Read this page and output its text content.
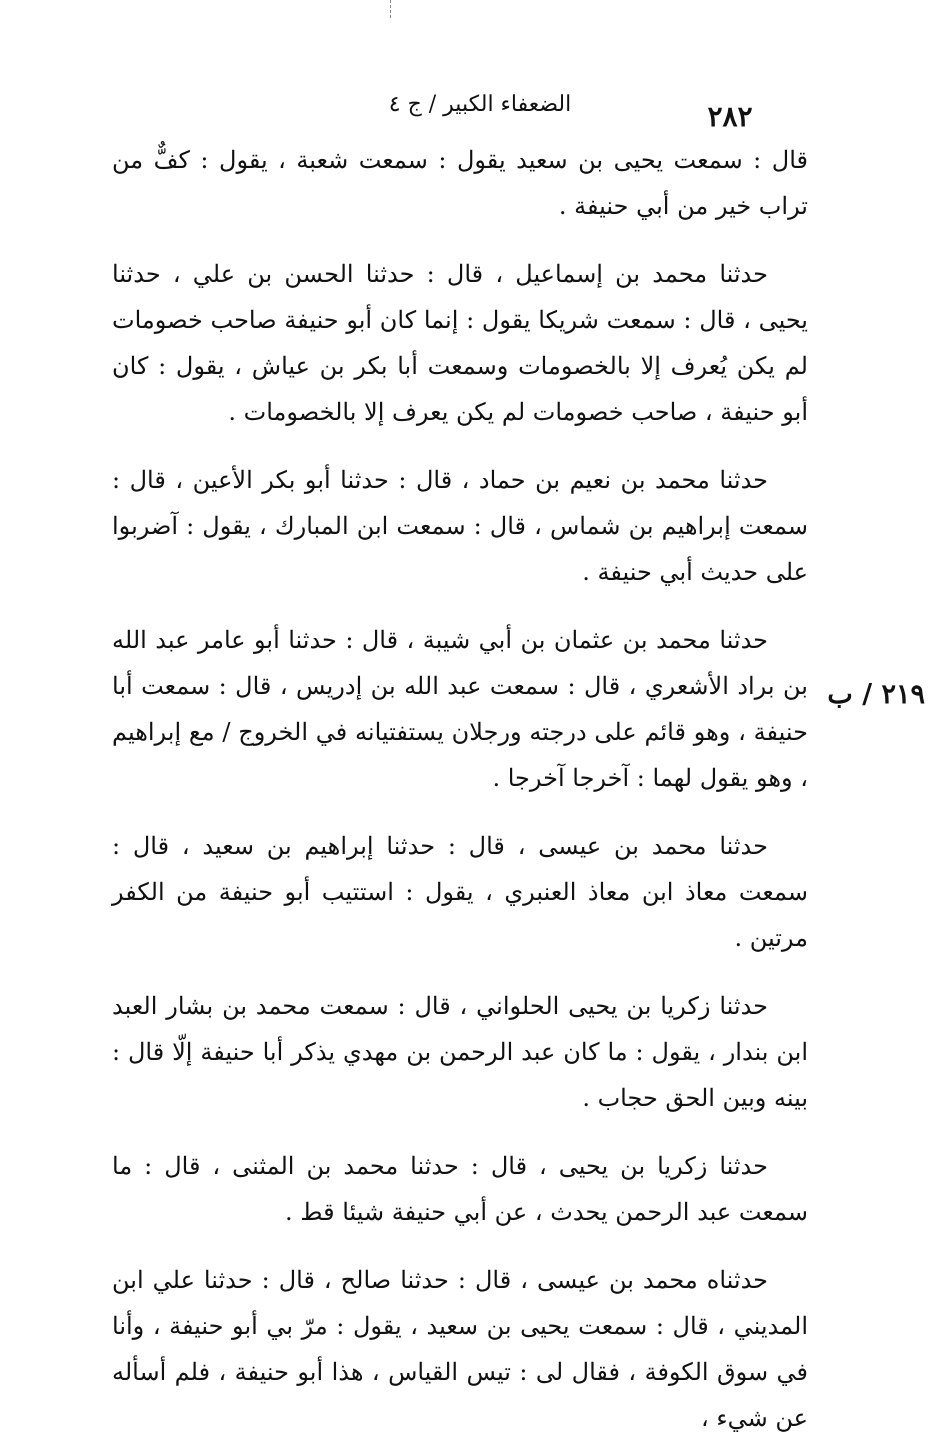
الضعفاء الكبير / ج ٤	٢٨٢
٢١٩ / ب

قال : سمعت يحيى بن سعيد يقول : سمعت شعبة ، يقول : كفٌّ من تراب خير من أبي حنيفة .

حدثنا محمد بن إسماعيل ، قال : حدثنا الحسن بن علي ، حدثنا يحيى ، قال : سمعت شريكا يقول : إنما كان أبو حنيفة صاحب خصومات لم يكن يُعرف إلا بالخصومات وسمعت أبا بكر بن عياش ، يقول : كان أبو حنيفة ، صاحب خصومات لم يكن يعرف إلا بالخصومات .

حدثنا محمد بن نعيم بن حماد ، قال : حدثنا أبو بكر الأعين ، قال : سمعت إبراهيم بن شماس ، قال : سمعت ابن المبارك ، يقول : آضربوا على حديث أبي حنيفة .

حدثنا محمد بن عثمان بن أبي شيبة ، قال : حدثنا أبو عامر عبد الله بن براد الأشعري ، قال : سمعت عبد الله بن إدريس ، قال : سمعت أبا حنيفة ، وهو قائم على درجته ورجلان يستفتيانه في الخروج / مع إبراهيم ، وهو يقول لهما : آخرجا آخرجا .

حدثنا محمد بن عيسى ، قال : حدثنا إبراهيم بن سعيد ، قال : سمعت معاذ ابن معاذ العنبري ، يقول : استتيب أبو حنيفة من الكفر مرتين .

حدثنا زكريا بن يحيى الحلواني ، قال : سمعت محمد بن بشار العبد ابن بندار ، يقول : ما كان عبد الرحمن بن مهدي يذكر أبا حنيفة إلّا قال : بينه وبين الحق حجاب .

حدثنا زكريا بن يحيى ، قال : حدثنا محمد بن المثنى ، قال : ما سمعت عبد الرحمن يحدث ، عن أبي حنيفة شيئا قط .

حدثناه محمد بن عيسى ، قال : حدثنا صالح ، قال : حدثنا علي ابن المديني ، قال : سمعت يحيى بن سعيد ، يقول : مرّ بي أبو حنيفة ، وأنا في سوق الكوفة ، فقال لى : تيس القياس ، هذا أبو حنيفة ، فلم أسأله عن شيء ،
